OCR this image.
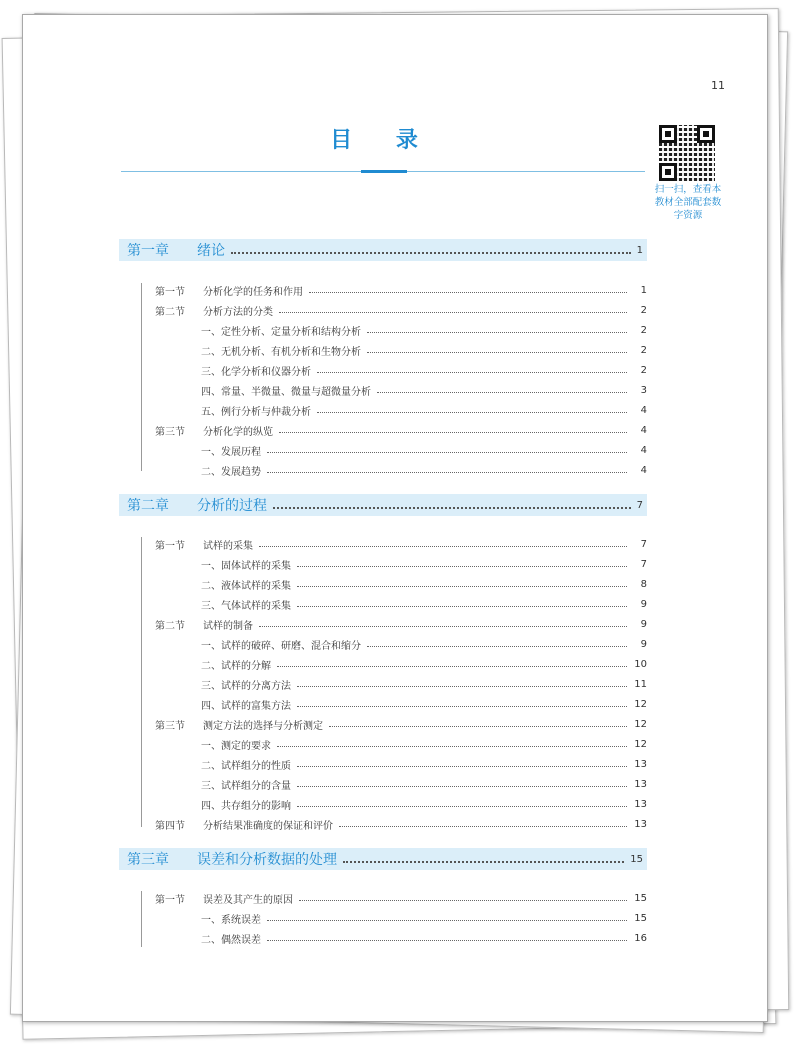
11
目 录
扫一扫，查看本教材全部配套数字资源
第一章	绪论	1
第一节	分析化学的任务和作用	1
第二节	分析方法的分类	2
一、定性分析、定量分析和结构分析	2
二、无机分析、有机分析和生物分析	2
三、化学分析和仪器分析	2
四、常量、半微量、微量与超微量分析	3
五、例行分析与仲裁分析	4
第三节	分析化学的纵览	4
一、发展历程	4
二、发展趋势	4
第二章	分析的过程	7
第一节	试样的采集	7
一、固体试样的采集	7
二、液体试样的采集	8
三、气体试样的采集	9
第二节	试样的制备	9
一、试样的破碎、研磨、混合和缩分	9
二、试样的分解	10
三、试样的分离方法	11
四、试样的富集方法	12
第三节	测定方法的选择与分析测定	12
一、测定的要求	12
二、试样组分的性质	13
三、试样组分的含量	13
四、共存组分的影响	13
第四节	分析结果准确度的保证和评价	13
第三章	误差和分析数据的处理	15
第一节	误差及其产生的原因	15
一、系统误差	15
二、偶然误差	16
